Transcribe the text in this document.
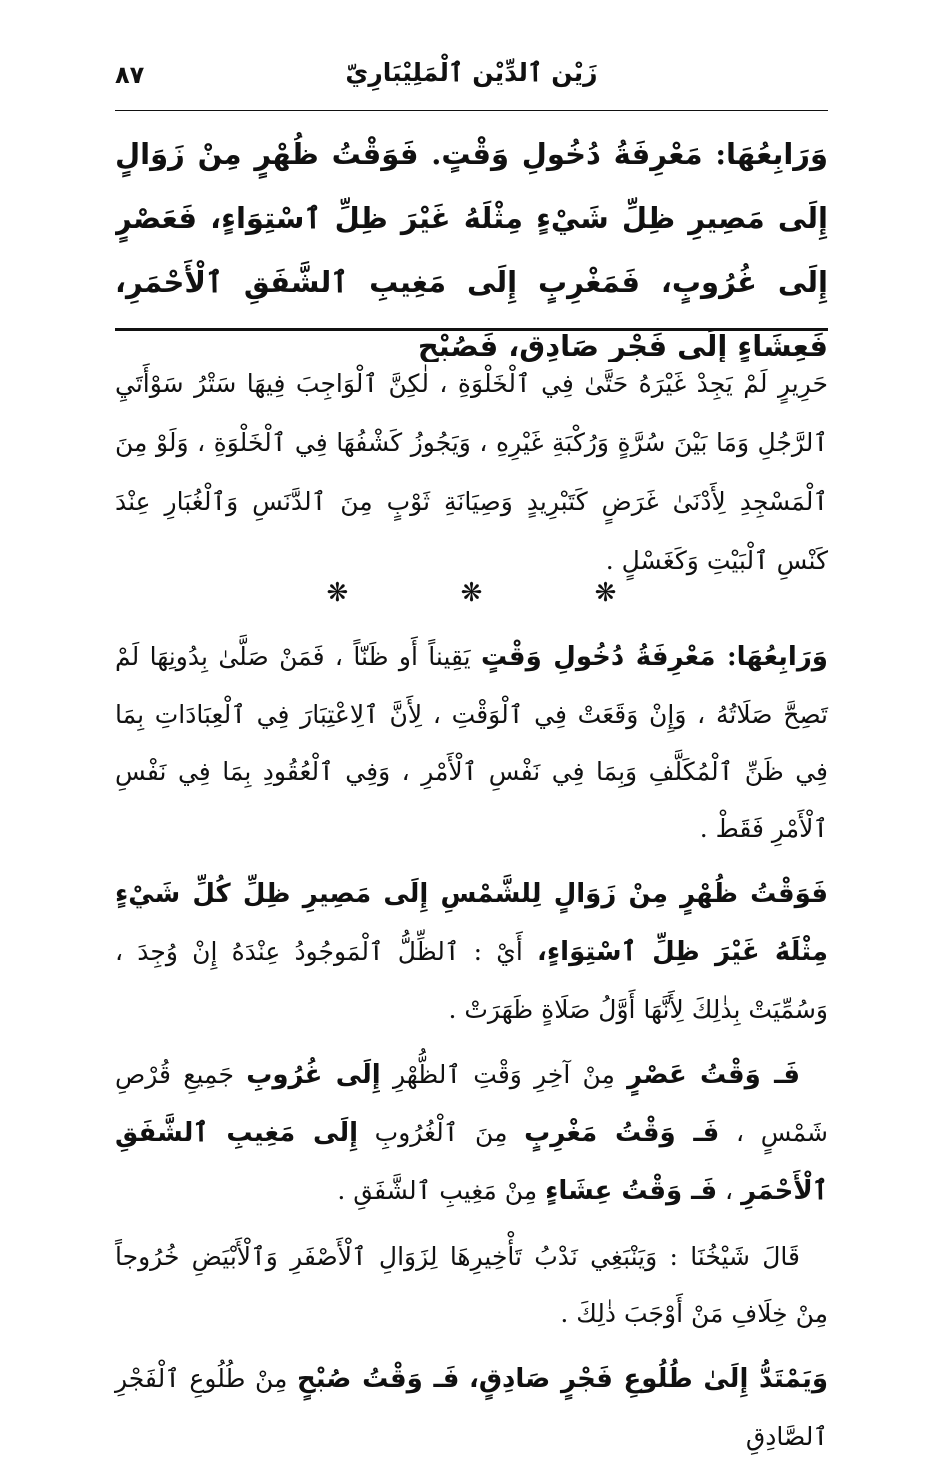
زَيْن ٱلدِّيْن ٱلْمَلِيْبَارِيّ
٨٧
وَرَابِعُهَا: مَعْرِفَةُ دُخُولِ وَقْتٍ. فَوَقْتُ ظُهْرٍ مِنْ زَوَالٍ إِلَى مَصِيرِ ظِلِّ شَيْءٍ مِثْلَهُ غَيْرَ ظِلِّ ٱسْتِوَاءٍ، فَعَصْرٍ إِلَى غُرُوبٍ، فَمَغْرِبٍ إِلَى مَغِيبِ ٱلشَّفَقِ ٱلْأَحْمَرِ، فَعِشَاءٍ إِلَى فَجْرٍ صَادِقٍ، فَصُبْحٍ
حَرِيرٍ لَمْ يَجِدْ غَيْرَهُ حَتَّىٰ فِي ٱلْخَلْوَةِ ، لٰكِنَّ ٱلْوَاجِبَ فِيهَا سَتْرُ سَوْأَتَيِ ٱلرَّجُلِ وَمَا بَيْنَ سُرَّةٍ وَرُكْبَةِ غَيْرِهِ ، وَيَجُوزُ كَشْفُهَا فِي ٱلْخَلْوَةِ ، وَلَوْ مِنَ ٱلْمَسْجِدِ لِأَدْنَىٰ غَرَضٍ كَتَبْرِيدٍ وَصِيَانَةِ ثَوْبٍ مِنَ ٱلدَّنَسِ وَٱلْغُبَارِ عِنْدَ كَنْسِ ٱلْبَيْتِ وَكَغَسْلٍ .
❋ ❋ ❋

وَرَابِعُهَا: مَعْرِفَةُ دُخُولِ وَقْتٍ يَقِيناً أَو ظَنّاً ، فَمَنْ صَلَّىٰ بِدُونِهَا لَمْ تَصِحَّ صَلَاتُهُ ، وَإِنْ وَقَعَتْ فِي ٱلْوَقْتِ ، لِأَنَّ ٱلِاعْتِبَارَ فِي ٱلْعِبَادَاتِ بِمَا فِي ظَنِّ ٱلْمُكَلَّفِ وَبِمَا فِي نَفْسِ ٱلْأَمْرِ ، وَفِي ٱلْعُقُودِ بِمَا فِي نَفْسِ ٱلْأَمْرِ فَقَطْ .

فَوَقْتُ ظُهْرٍ مِنْ زَوَالٍ لِلشَّمْسِ إِلَى مَصِيرِ ظِلِّ كُلِّ شَيْءٍ مِثْلَهُ غَيْرَ ظِلِّ ٱسْتِوَاءٍ، أَيْ : ٱلظِّلُّ ٱلْمَوجُودُ عِنْدَهُ إِنْ وُجِدَ ، وَسُمِّيَتْ بِذٰلِكَ لِأَنَّهَا أَوَّلُ صَلَاةٍ ظَهَرَتْ .

فَـ وَقْتُ عَصْرٍ مِنْ آخِرِ وَقْتِ ٱلظُّهْرِ إِلَى غُرُوبِ جَمِيعِ قُرْصِ شَمْسٍ ، فَـ وَقْتُ مَغْرِبٍ مِنَ ٱلْغُرُوبِ إِلَى مَغِيبِ ٱلشَّفَقِ ٱلْأَحْمَرِ ، فَـ وَقْتُ عِشَاءٍ مِنْ مَغِيبِ ٱلشَّفَقِ .

قَالَ شَيْخُنَا : وَيَنْبَغِي نَدْبُ تَأْخِيرِهَا لِزَوَالِ ٱلْأَصْفَرِ وَٱلْأَبْيَضِ خُرُوجاً مِنْ خِلَافِ مَنْ أَوْجَبَ ذٰلِكَ .

وَيَمْتَدُّ إِلَىٰ طُلُوعِ فَجْرٍ صَادِقٍ، فَـ وَقْتُ صُبْحٍ مِنْ طُلُوعِ ٱلْفَجْرِ ٱلصَّادِقِ
